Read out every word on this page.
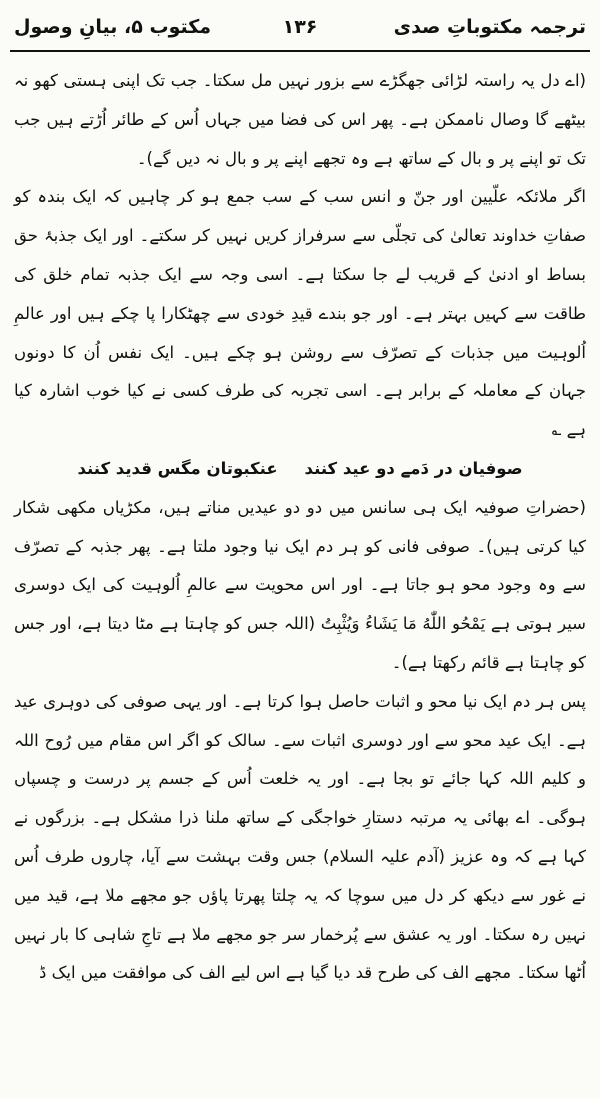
ترجمہ مکتوباتِ صدی
۱۳۶
مکتوب ۵، بیانِ وصول

(اے دل یہ راستہ لڑائی جھگڑے سے بزور نہیں مل سکتا۔ جب تک اپنی ہستی کھو نہ بیٹھے گا وصال ناممکن ہے۔ پھر اس کی فضا میں جہاں اُس کے طائر اُڑتے ہیں جب تک تو اپنے پر و بال کے ساتھ ہے وہ تجھے اپنے پر و بال نہ دیں گے)۔

اگر ملائکہ علّیین اور جنّ و انس سب کے سب جمع ہو کر چاہیں کہ ایک بندہ کو صفاتِ خداوند تعالیٰ کی تجلّی سے سرفراز کریں نہیں کر سکتے۔ اور ایک جذبۂ حق بساط او ادنیٰ کے قریب لے جا سکتا ہے۔ اسی وجہ سے ایک جذبہ تمام خلق کی طاقت سے کہیں بہتر ہے۔ اور جو بندے قیدِ خودی سے چھٹکارا پا چکے ہیں اور عالمِ اُلوہیت میں جذبات کے تصرّف سے روشن ہو چکے ہیں۔ ایک نفس اُن کا دونوں جہان کے معاملہ کے برابر ہے۔ اسی تجربہ کی طرف کسی نے کیا خوب اشارہ کیا ہے ؎

صوفیان در دَمے دو عید کنند
عنکبوتان مگس قدید کنند

(حضراتِ صوفیہ ایک ہی سانس میں دو دو عیدیں مناتے ہیں، مکڑیاں مکھی شکار کیا کرتی ہیں)۔ صوفی فانی کو ہر دم ایک نیا وجود ملتا ہے۔ پھر جذبہ کے تصرّف سے وہ وجود محو ہو جاتا ہے۔ اور اس محویت سے عالمِ اُلوہیت کی ایک دوسری سیر ہوتی ہے يَمْحُو اللّٰهُ مَا يَشَاءُ وَيُثْبِتُ (اللہ جس کو چاہتا ہے مٹا دیتا ہے، اور جس کو چاہتا ہے قائم رکھتا ہے)۔

پس ہر دم ایک نیا محو و اثبات حاصل ہوا کرتا ہے۔ اور یہی صوفی کی دوہری عید ہے۔ ایک عید محو سے اور دوسری اثبات سے۔ سالک کو اگر اس مقام میں رُوح اللہ و کلیم اللہ کہا جائے تو بجا ہے۔ اور یہ خلعت اُس کے جسم پر درست و چسپاں ہوگی۔ اے بھائی یہ مرتبہ دستارِ خواجگی کے ساتھ ملنا ذرا مشکل ہے۔ بزرگوں نے کہا ہے کہ وہ عزیز (آدم علیہ السلام) جس وقت بہشت سے آیا، چاروں طرف اُس نے غور سے دیکھ کر دل میں سوچا کہ یہ چلتا پھرتا پاؤں جو مجھے ملا ہے، قید میں نہیں رہ سکتا۔ اور یہ عشق سے پُرخمار سر جو مجھے ملا ہے تاجِ شاہی کا بار نہیں اُٹھا سکتا۔ مجھے الف کی طرح قد دیا گیا ہے اس لیے الف کی موافقت میں ایک ڈ
